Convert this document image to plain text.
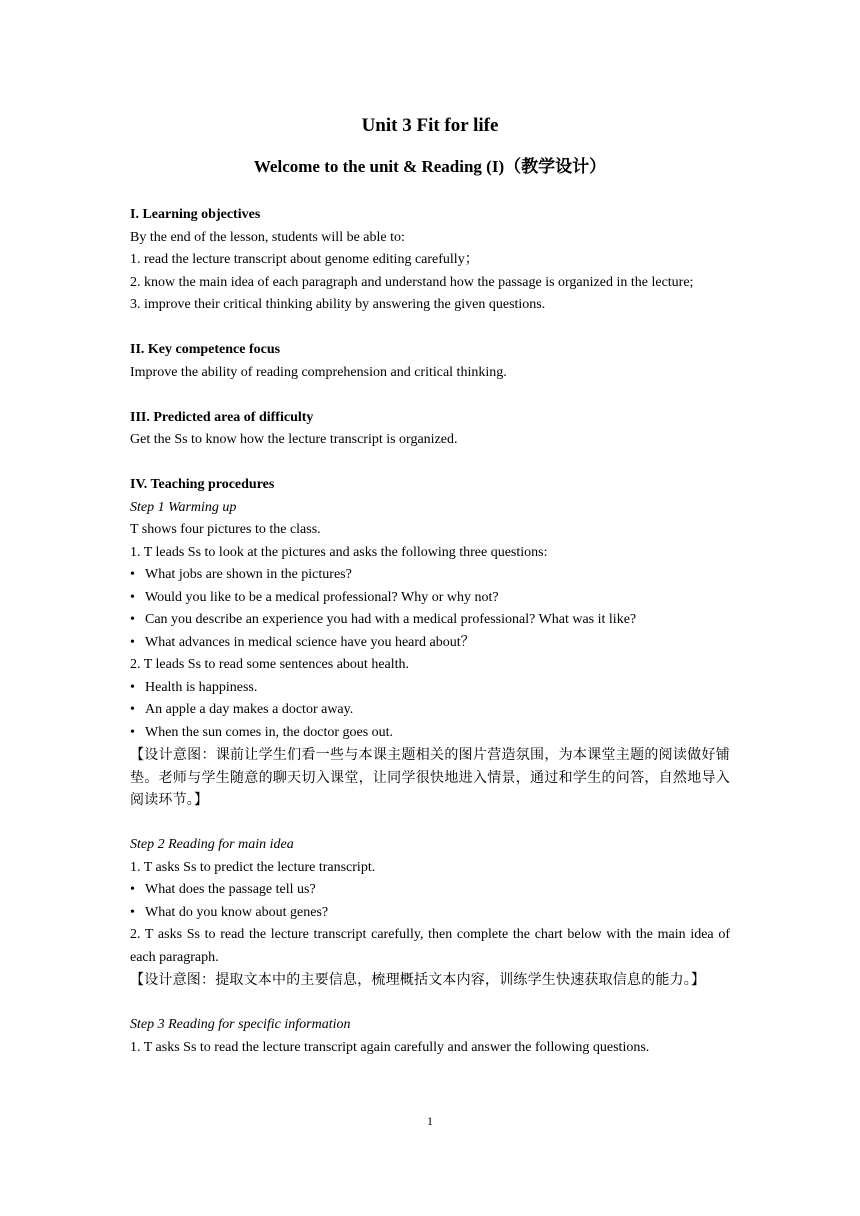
Unit 3 Fit for life

Welcome to the unit & Reading (I)（教学设计）

I. Learning objectives

By the end of the lesson, students will be able to:

1. read the lecture transcript about genome editing carefully；

2. know the main idea of each paragraph and understand how the passage is organized in the lecture;

3. improve their critical thinking ability by answering the given questions.

II. Key competence focus

Improve the ability of reading comprehension and critical thinking.

III. Predicted area of difficulty

Get the Ss to know how the lecture transcript is organized.

IV. Teaching procedures

Step 1 Warming up

T shows four pictures to the class.

1. T leads Ss to look at the pictures and asks the following three questions:

• What jobs are shown in the pictures?

• Would you like to be a medical professional? Why or why not?

• Can you describe an experience you had with a medical professional? What was it like?

• What advances in medical science have you heard about？

2. T leads Ss to read some sentences about health.

• Health is happiness.

• An apple a day makes a doctor away.

• When the sun comes in, the doctor goes out.

【设计意图：课前让学生们看一些与本课主题相关的图片营造氛围，为本课堂主题的阅读做好铺垫。老师与学生随意的聊天切入课堂，让同学很快地进入情景，通过和学生的问答，自然地导入阅读环节。】

Step 2 Reading for main idea

1. T asks Ss to predict the lecture transcript.

• What does the passage tell us?

• What do you know about genes?

2. T asks Ss to read the lecture transcript carefully, then complete the chart below with the main idea of each paragraph.

【设计意图：提取文本中的主要信息，梳理概括文本内容，训练学生快速获取信息的能力。】

Step 3 Reading for specific information

1. T asks Ss to read the lecture transcript again carefully and answer the following questions.

1
